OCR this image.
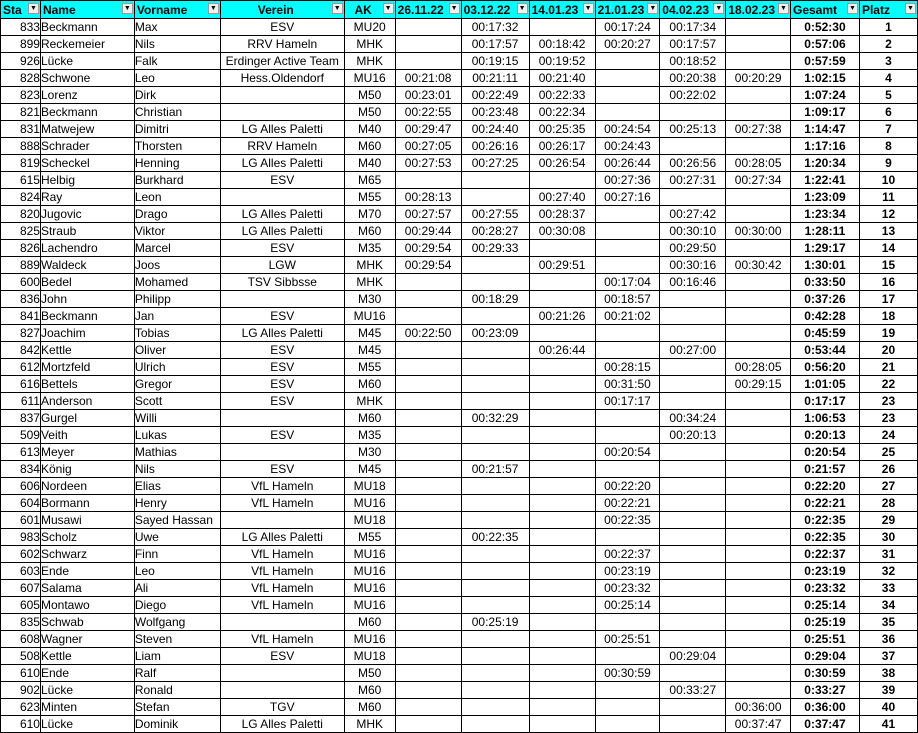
Sta ▼	Name ▼	Vorname ▼	Verein ▼	AK ▼	26.11.22 ▼	03.12.22 ▼	14.01.23 ▼	21.01.23 ▼	04.02.23 ▼	18.02.23 ▼	Gesamt ▼	Platz ▼

833	Beckmann	Max	ESV	MU20		00:17:32		00:17:24	00:17:34		0:52:30	1
899	Reckemeier	Nils	RRV Hameln	MHK		00:17:57	00:18:42	00:20:27	00:17:57		0:57:06	2
926	Lücke	Falk	Erdinger Active Team	MHK		00:19:15	00:19:52		00:18:52		0:57:59	3
828	Schwone	Leo	Hess.Oldendorf	MU16	00:21:08	00:21:11	00:21:40		00:20:38	00:20:29	1:02:15	4
823	Lorenz	Dirk		M50	00:23:01	00:22:49	00:22:33		00:22:02		1:07:24	5
821	Beckmann	Christian		M50	00:22:55	00:23:48	00:22:34				1:09:17	6
831	Matwejew	Dimitri	LG Alles Paletti	M40	00:29:47	00:24:40	00:25:35	00:24:54	00:25:13	00:27:38	1:14:47	7
888	Schrader	Thorsten	RRV Hameln	M60	00:27:05	00:26:16	00:26:17	00:24:43			1:17:16	8
819	Scheckel	Henning	LG Alles Paletti	M40	00:27:53	00:27:25	00:26:54	00:26:44	00:26:56	00:28:05	1:20:34	9
615	Helbig	Burkhard	ESV	M65				00:27:36	00:27:31	00:27:34	1:22:41	10
824	Ray	Leon		M55	00:28:13		00:27:40	00:27:16			1:23:09	11
820	Jugovic	Drago	LG Alles Paletti	M70	00:27:57	00:27:55	00:28:37		00:27:42		1:23:34	12
825	Straub	Viktor	LG Alles Paletti	M60	00:29:44	00:28:27	00:30:08		00:30:10	00:30:00	1:28:11	13
826	Lachendro	Marcel	ESV	M35	00:29:54	00:29:33			00:29:50		1:29:17	14
889	Waldeck	Joos	LGW	MHK	00:29:54		00:29:51		00:30:16	00:30:42	1:30:01	15
600	Bedel	Mohamed	TSV Sibbsse	MHK				00:17:04	00:16:46		0:33:50	16
836	John	Philipp		M30		00:18:29		00:18:57			0:37:26	17
841	Beckmann	Jan	ESV	MU16			00:21:26	00:21:02			0:42:28	18
827	Joachim	Tobias	LG Alles Paletti	M45	00:22:50	00:23:09					0:45:59	19
842	Kettle	Oliver	ESV	M45			00:26:44		00:27:00		0:53:44	20
612	Mortzfeld	Ulrich	ESV	M55				00:28:15		00:28:05	0:56:20	21
616	Bettels	Gregor	ESV	M60				00:31:50		00:29:15	1:01:05	22
611	Anderson	Scott	ESV	MHK				00:17:17			0:17:17	23
837	Gurgel	Willi		M60		00:32:29			00:34:24		1:06:53	23
509	Veith	Lukas	ESV	M35					00:20:13		0:20:13	24
613	Meyer	Mathias		M30				00:20:54			0:20:54	25
834	König	Nils	ESV	M45		00:21:57					0:21:57	26
606	Nordeen	Elias	VfL Hameln	MU18				00:22:20			0:22:20	27
604	Bormann	Henry	VfL Hameln	MU16				00:22:21			0:22:21	28
601	Musawi	Sayed Hassan		MU18				00:22:35			0:22:35	29
983	Scholz	Uwe	LG Alles Paletti	M55		00:22:35					0:22:35	30
602	Schwarz	Finn	VfL Hameln	MU16				00:22:37			0:22:37	31
603	Ende	Leo	VfL Hameln	MU16				00:23:19			0:23:19	32
607	Salama	Ali	VfL Hameln	MU16				00:23:32			0:23:32	33
605	Montawo	Diego	VfL Hameln	MU16				00:25:14			0:25:14	34
835	Schwab	Wolfgang		M60		00:25:19					0:25:19	35
608	Wagner	Steven	VfL Hameln	MU16				00:25:51			0:25:51	36
508	Kettle	Liam	ESV	MU18					00:29:04		0:29:04	37
610	Ende	Ralf		M50				00:30:59			0:30:59	38
902	Lücke	Ronald		M60					00:33:27		0:33:27	39
623	Minten	Stefan	TGV	M60						00:36:00	0:36:00	40
610	Lücke	Dominik	LG Alles Paletti	MHK						00:37:47	0:37:47	41
